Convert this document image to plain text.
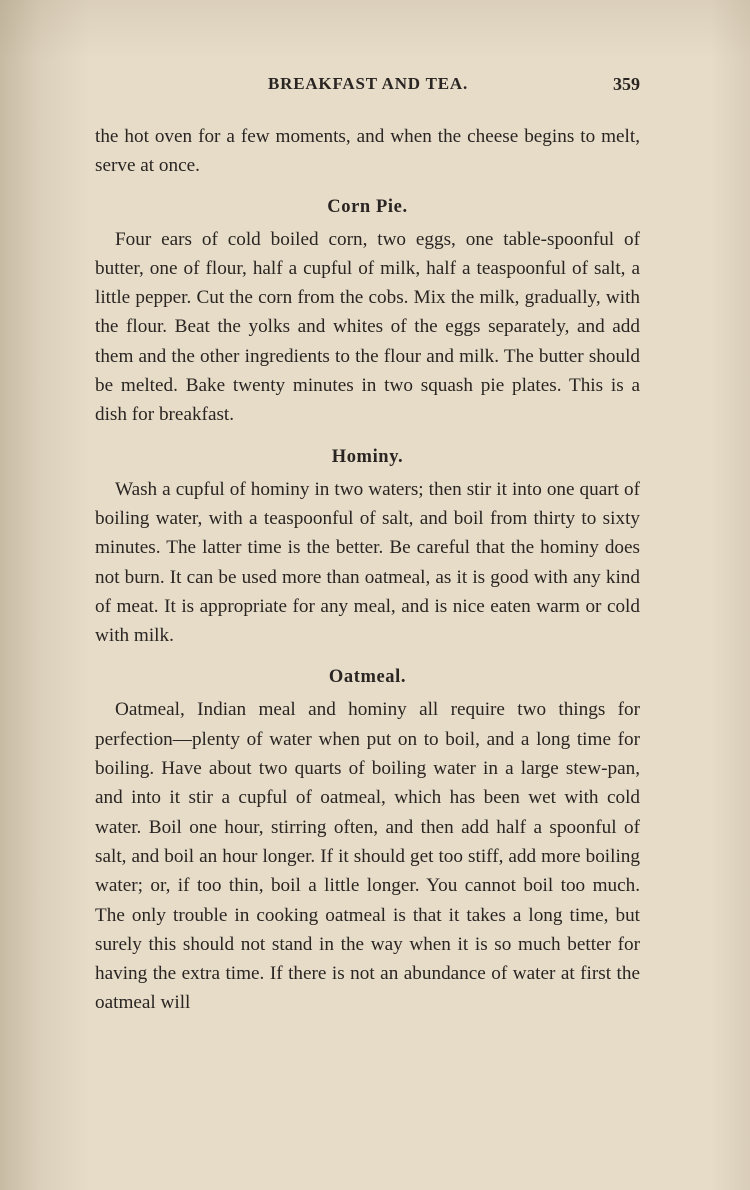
BREAKFAST AND TEA.	359

the hot oven for a few moments, and when the cheese begins to melt, serve at once.

Corn Pie.

Four ears of cold boiled corn, two eggs, one table-spoonful of butter, one of flour, half a cupful of milk, half a teaspoonful of salt, a little pepper. Cut the corn from the cobs. Mix the milk, gradually, with the flour. Beat the yolks and whites of the eggs separately, and add them and the other ingredients to the flour and milk. The butter should be melted. Bake twenty minutes in two squash pie plates. This is a dish for breakfast.

Hominy.

Wash a cupful of hominy in two waters; then stir it into one quart of boiling water, with a teaspoonful of salt, and boil from thirty to sixty minutes. The latter time is the better. Be careful that the hominy does not burn. It can be used more than oatmeal, as it is good with any kind of meat. It is appropriate for any meal, and is nice eaten warm or cold with milk.

Oatmeal.

Oatmeal, Indian meal and hominy all require two things for perfection—plenty of water when put on to boil, and a long time for boiling. Have about two quarts of boiling water in a large stew-pan, and into it stir a cupful of oatmeal, which has been wet with cold water. Boil one hour, stirring often, and then add half a spoonful of salt, and boil an hour longer. If it should get too stiff, add more boiling water; or, if too thin, boil a little longer. You cannot boil too much. The only trouble in cooking oatmeal is that it takes a long time, but surely this should not stand in the way when it is so much better for having the extra time. If there is not an abundance of water at first the oatmeal will
